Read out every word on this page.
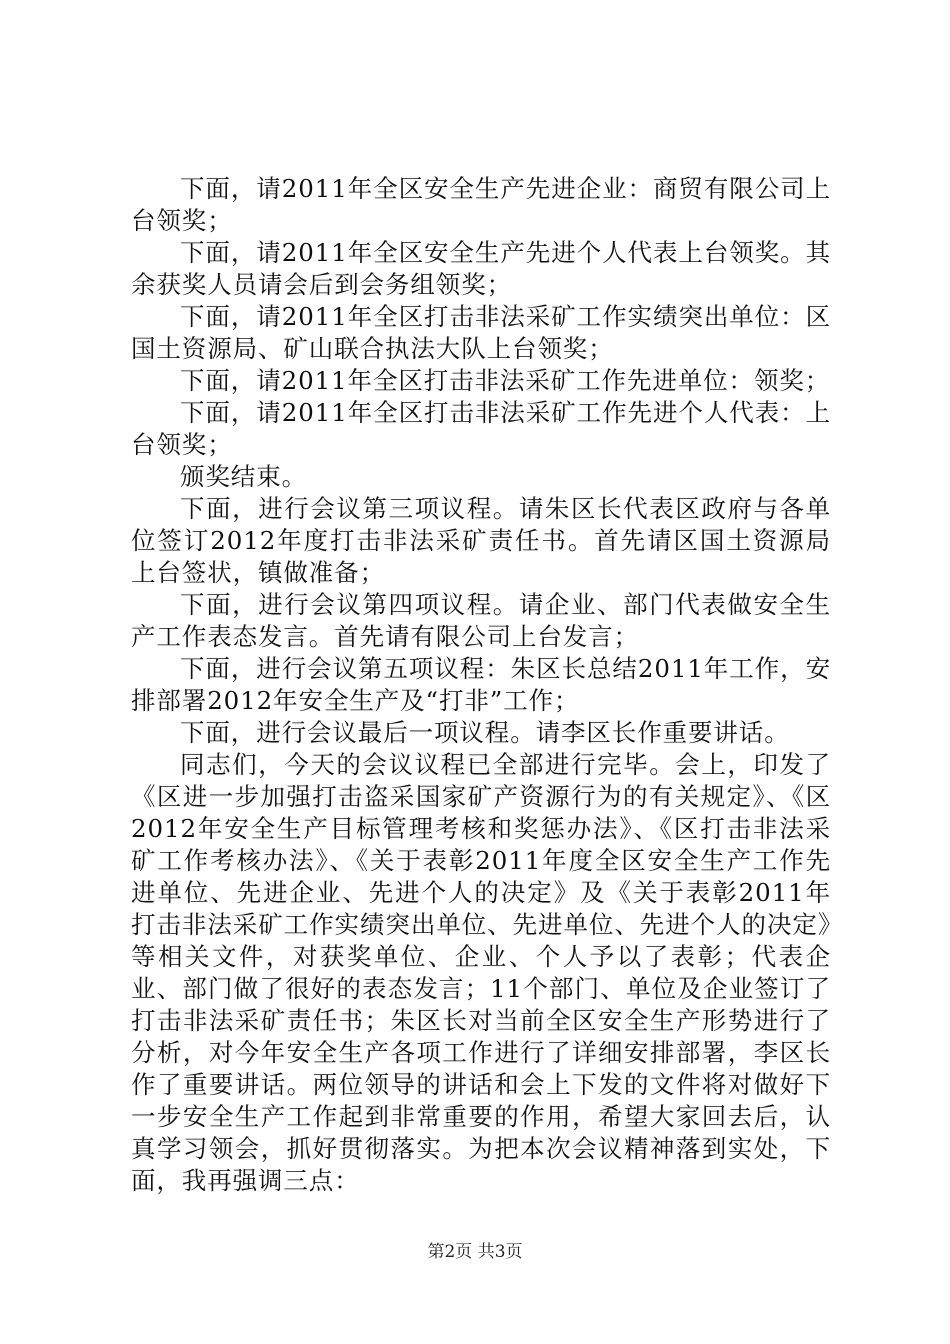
下面，请2011年全区安全生产先进企业：商贸有限公司上台领奖；

下面，请2011年全区安全生产先进个人代表上台领奖。其余获奖人员请会后到会务组领奖；

下面，请2011年全区打击非法采矿工作实绩突出单位：区国土资源局、矿山联合执法大队上台领奖；

下面，请2011年全区打击非法采矿工作先进单位：领奖；

下面，请2011年全区打击非法采矿工作先进个人代表：上台领奖；

颁奖结束。

下面，进行会议第三项议程。请朱区长代表区政府与各单位签订2012年度打击非法采矿责任书。首先请区国土资源局上台签状，镇做准备；

下面，进行会议第四项议程。请企业、部门代表做安全生产工作表态发言。首先请有限公司上台发言；

下面，进行会议第五项议程：朱区长总结2011年工作，安排部署2012年安全生产及“打非”工作；

下面，进行会议最后一项议程。请李区长作重要讲话。

同志们，今天的会议议程已全部进行完毕。会上，印发了《区进一步加强打击盗采国家矿产资源行为的有关规定》、《区2012年安全生产目标管理考核和奖惩办法》、《区打击非法采矿工作考核办法》、《关于表彰2011年度全区安全生产工作先进单位、先进企业、先进个人的决定》及《关于表彰2011年打击非法采矿工作实绩突出单位、先进单位、先进个人的决定》等相关文件，对获奖单位、企业、个人予以了表彰；代表企业、部门做了很好的表态发言；11个部门、单位及企业签订了打击非法采矿责任书；朱区长对当前全区安全生产形势进行了分析，对今年安全生产各项工作进行了详细安排部署，李区长作了重要讲话。两位领导的讲话和会上下发的文件将对做好下一步安全生产工作起到非常重要的作用，希望大家回去后，认真学习领会，抓好贯彻落实。为把本次会议精神落到实处，下面，我再强调三点：

第2页 共3页
